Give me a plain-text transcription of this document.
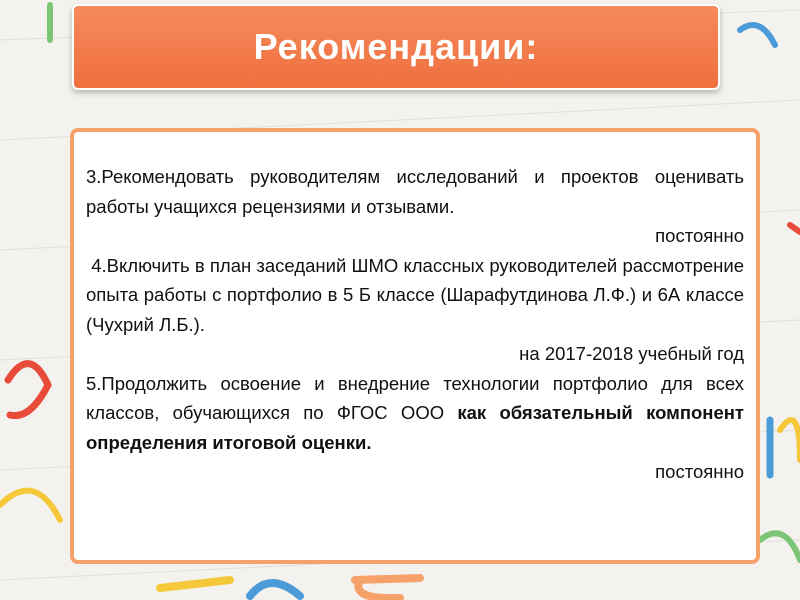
Рекомендации:

3.Рекомендовать руководителям исследований и проектов оценивать работы учащихся рецензиями и отзывами.

постоянно

4.Включить в план заседаний ШМО классных руководителей рассмотрение опыта работы с портфолио в 5 Б классе (Шарафутдинова Л.Ф.) и 6А классе (Чухрий Л.Б.).

на 2017-2018 учебный год

5.Продолжить освоение и внедрение технологии портфолио для всех классов, обучающихся по ФГОС ООО как обязательный компонент определения итоговой оценки.

постоянно
